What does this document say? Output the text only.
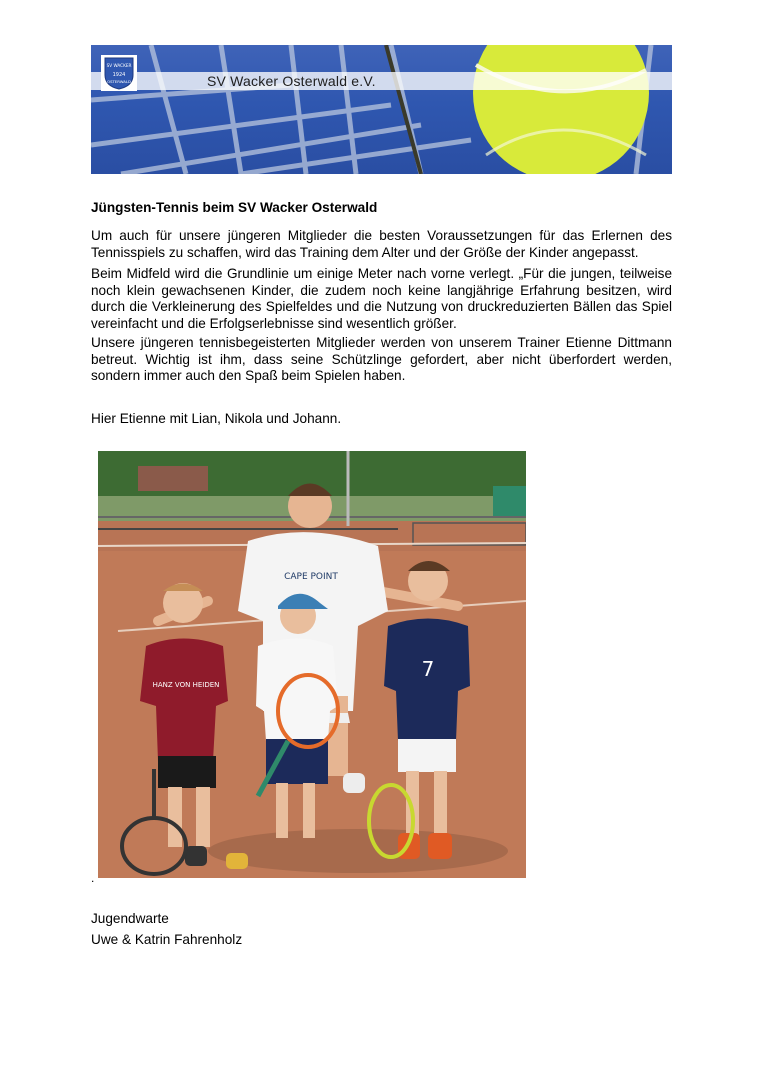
SV WACKER
1924
OSTERWALD	SV Wacker Osterwald e.V.

Jüngsten-Tennis beim SV Wacker Osterwald

Um auch für unsere jüngeren Mitglieder die besten Voraussetzungen für das Erlernen des Tennisspiels zu schaffen, wird das Training dem Alter und der Größe der Kinder angepasst.

Beim Midfeld wird die Grundlinie um einige Meter nach vorne verlegt. „Für die jungen, teilweise noch klein gewachsenen Kinder, die zudem noch keine langjährige Erfahrung besitzen, wird durch die Verkleinerung des Spielfeldes und die Nutzung von druckreduzierten Bällen das Spiel vereinfacht und die Erfolgserlebnisse sind wesentlich größer.

Unsere jüngeren tennisbegeisterten Mitglieder werden von unserem Trainer Etienne Dittmann betreut. Wichtig ist ihm, dass seine Schützlinge gefordert, aber nicht überfordert werden, sondern immer auch den Spaß beim Spielen haben.

Hier Etienne mit Lian, Nikola und Johann.

CAPE POINT
HANZ VON HEIDEN
7

.

Jugendwarte

Uwe & Katrin Fahrenholz
